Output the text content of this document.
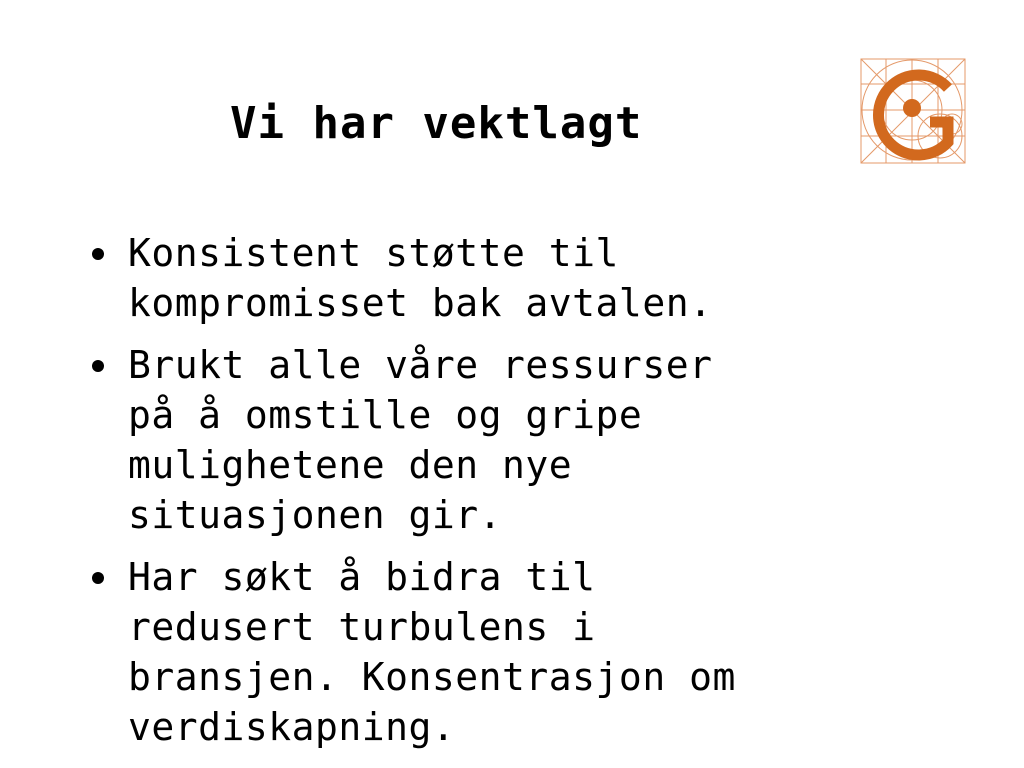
Vi har vektlagt
Konsistent støtte til
kompromisset bak avtalen.
Brukt alle våre ressurser
på å omstille og gripe
mulighetene den nye
situasjonen gir.
Har søkt å bidra til
redusert turbulens i
bransjen. Konsentrasjon om
verdiskapning.
